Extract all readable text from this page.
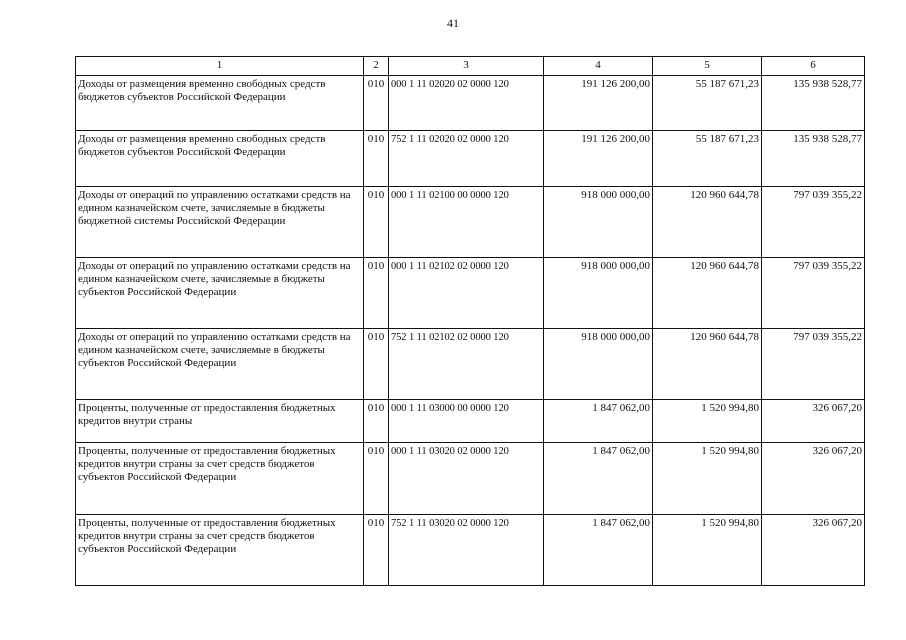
41
1	2	3	4	5	6
Доходы от размещения временно свободных средств бюджетов субъектов Российской Федерации	010	000 1 11 02020 02 0000 120	191 126 200,00	55 187 671,23	135 938 528,77
Доходы от размещения временно свободных средств бюджетов субъектов Российской Федерации	010	752 1 11 02020 02 0000 120	191 126 200,00	55 187 671,23	135 938 528,77
Доходы от операций по управлению остатками средств на едином казначейском счете, зачисляемые в бюджеты бюджетной системы Российской Федерации	010	000 1 11 02100 00 0000 120	918 000 000,00	120 960 644,78	797 039 355,22
Доходы от операций по управлению остатками средств на едином казначейском счете, зачисляемые в бюджеты субъектов Российской Федерации	010	000 1 11 02102 02 0000 120	918 000 000,00	120 960 644,78	797 039 355,22
Доходы от операций по управлению остатками средств на едином казначейском счете, зачисляемые в бюджеты субъектов Российской Федерации	010	752 1 11 02102 02 0000 120	918 000 000,00	120 960 644,78	797 039 355,22
Проценты, полученные от предоставления бюджетных кредитов внутри страны	010	000 1 11 03000 00 0000 120	1 847 062,00	1 520 994,80	326 067,20
Проценты, полученные от предоставления бюджетных кредитов внутри страны за счет средств бюджетов субъектов Российской Федерации	010	000 1 11 03020 02 0000 120	1 847 062,00	1 520 994,80	326 067,20
Проценты, полученные от предоставления бюджетных кредитов внутри страны за счет средств бюджетов субъектов Российской Федерации	010	752 1 11 03020 02 0000 120	1 847 062,00	1 520 994,80	326 067,20
